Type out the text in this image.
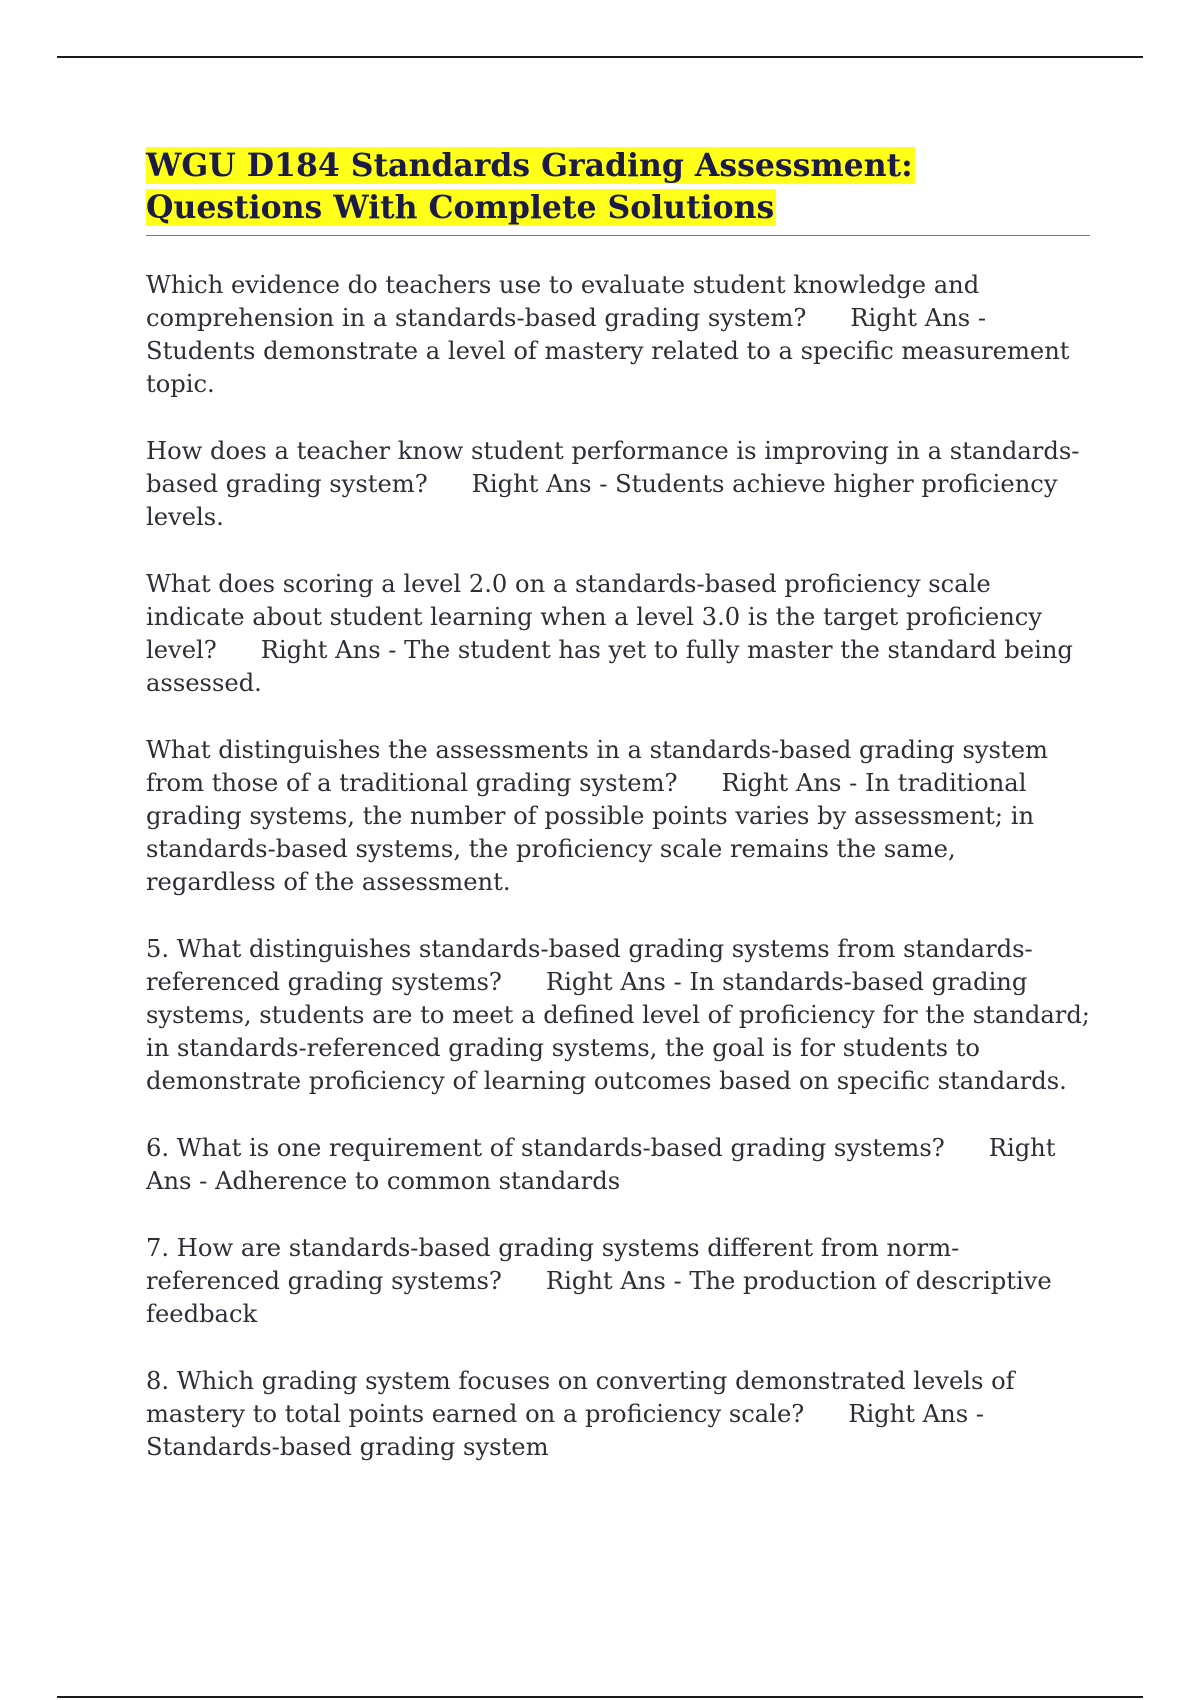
WGU D184 Standards Grading Assessment: Questions With Complete Solutions

Which evidence do teachers use to evaluate student knowledge and comprehension in a standards-based grading system? Right Ans - Students demonstrate a level of mastery related to a specific measurement topic.

How does a teacher know student performance is improving in a standards-based grading system? Right Ans - Students achieve higher proficiency levels.

What does scoring a level 2.0 on a standards-based proficiency scale indicate about student learning when a level 3.0 is the target proficiency level? Right Ans - The student has yet to fully master the standard being assessed.

What distinguishes the assessments in a standards-based grading system from those of a traditional grading system? Right Ans - In traditional grading systems, the number of possible points varies by assessment; in standards-based systems, the proficiency scale remains the same, regardless of the assessment.

5. What distinguishes standards-based grading systems from standards-referenced grading systems? Right Ans - In standards-based grading systems, students are to meet a defined level of proficiency for the standard; in standards-referenced grading systems, the goal is for students to demonstrate proficiency of learning outcomes based on specific standards.

6. What is one requirement of standards-based grading systems? Right Ans - Adherence to common standards

7. How are standards-based grading systems different from norm-referenced grading systems? Right Ans - The production of descriptive feedback

8. Which grading system focuses on converting demonstrated levels of mastery to total points earned on a proficiency scale? Right Ans - Standards-based grading system
